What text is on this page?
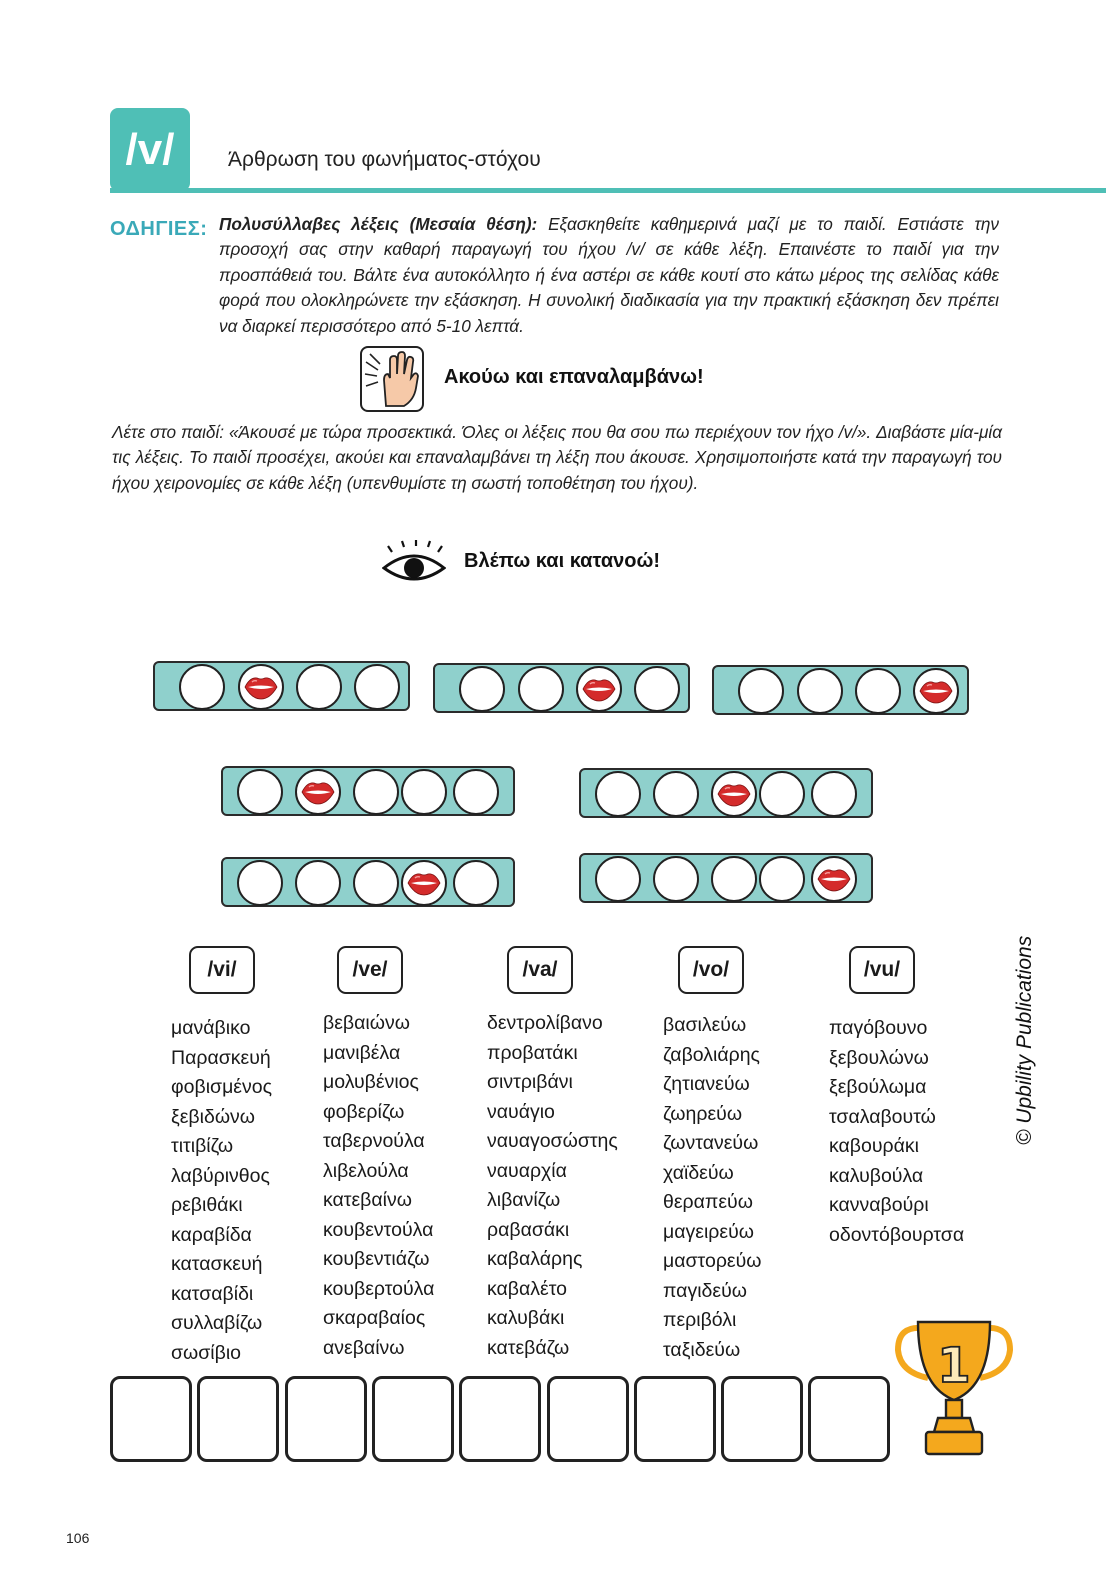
/v/	Άρθρωση του φωνήματος-στόχου
ΟΔΗΓΙΕΣ: Πολυσύλλαβες λέξεις (Μεσαία θέση): Εξασκηθείτε καθημερινά μαζί με το παιδί. Εστιάστε την προσοχή σας στην καθαρή παραγωγή του ήχου /v/ σε κάθε λέξη. Επαινέστε το παιδί για την προσπάθειά του. Βάλτε ένα αυτοκόλλητο ή ένα αστέρι σε κάθε κουτί στο κάτω μέρος της σελίδας κάθε φορά που ολοκληρώνετε την εξάσκηση. Η συνολική διαδικασία για την πρακτική εξάσκηση δεν πρέπει να διαρκεί περισσότερο από 5-10 λεπτά.
Ακούω και επαναλαμβάνω!
Λέτε στο παιδί: «Άκουσέ με τώρα προσεκτικά. Όλες οι λέξεις που θα σου πω περιέχουν τον ήχο /v/». Διαβάστε μία-μία τις λέξεις. Το παιδί προσέχει, ακούει και επαναλαμβάνει τη λέξη που άκουσε. Χρησιμοποιήστε κατά την παραγωγή του ήχου χειρονομίες σε κάθε λέξη (υπενθυμίστε τη σωστή τοποθέτηση του ήχου).
Βλέπω και κατανοώ!
/vi/
μανάβικο
Παρασκευή
φοβισμένος
ξεβιδώνω
τιτιβίζω
λαβύρινθος
ρεβιθάκι
καραβίδα
κατασκευή
κατσαβίδι
συλλαβίζω
σωσίβιο
/ve/
βεβαιώνω
μανιβέλα
μολυβένιος
φοβερίζω
ταβερνούλα
λιβελούλα
κατεβαίνω
κουβεντούλα
κουβεντιάζω
κουβερτούλα
σκαραβαίος
ανεβαίνω
/va/
δεντρολίβανο
προβατάκι
σιντριβάνι
ναυάγιο
ναυαγοσώστης
ναυαρχία
λιβανίζω
ραβασάκι
καβαλάρης
καβαλέτο
καλυβάκι
κατεβάζω
/vo/
βασιλεύω
ζαβολιάρης
ζητιανεύω
ζωηρεύω
ζωντανεύω
χαϊδεύω
θεραπεύω
μαγειρεύω
μαστορεύω
παγιδεύω
περιβόλι
ταξιδεύω
/vu/
παγόβουνο
ξεβουλώνω
ξεβούλωμα
τσαλαβουτώ
καβουράκι
καλυβούλα
κανναβούρι
οδοντόβουρτσα
1
© Upbility Publications
106
